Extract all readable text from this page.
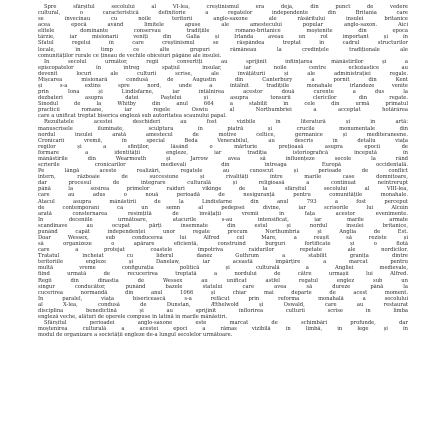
Spre sfârșitul secolului al VI-lea, creștinismul era deja, din punct de vedere
cultural, o caracteristică definitorie a regatelor independente din Britania care
se învecinau cu noile teritorii anglo-saxone ale răsăritului insulei britanice
acea epocă având limitele apuse ale amestecului popular anglo-saxon. Aici
elitele dominante conservau tradițiile romano-britanice moștenite din epoca
târzie, iar misionarii veniți din Galia și Irlanda aveau un rol important și în
Sfatul regelui în care creștinismul se răspândea treptat în cadrul structurilor
locale, în timp ce alte grupuri rămâneau la credințele tradiționale ale
comunităților rurale ce țineau de vechile obiceiuri păgâne ale insulei.
În secolul următor, regii convertiți au sprijinit înființarea mânăstirilor și a
episcopatelor în întreg spațiul insular, iar noile centre ecleziastice au
devenit locuri ale culturii scrise, ale învățăturii și ale administrației regale.
Mișcarea misionară condusă de Augustin din Canterbury a pornit din Kent
și s-a extins spre nord, unde a întâlnit tradițiile monahale irlandeze venite
prin Iona și Lindisfarne, iar întâlnirea acestor două curente a dus la
dezbateri asupra datei Paștelui și asupra tonsurii clericilor din regate.
Sinodul de la Whitby din anul 664 a stabilit în cele din urmă primatul
practicii romane, iar regele Oswiu al Northumbriei a acceptat hotărârea
care a unificat treptat biserica engleză sub autoritatea scaunului papal.
Rezultatele acestei deschideri au fost vizibile în literatură și în artă:
manuscrisele iluminate, sculptura în piatră și crucile monumentale din
nordul insulei arată amestecul de motive celtice, germanice și mediteraneene.
Cronicarii vremii, în special Beda Venerabilul, au descris în detaliu viața
regilor și a sfinților, lăsând o mărturie prețioasă asupra epocii de
formare a identității engleze, iar tradiția istoriografică începută în
mânăstirile din Wearmouth și Jarrow avea să influențeze secole la rând
scrierile cronicarilor medievali din întreaga Europă occidentală.
Pe lângă aceste realizări, regatele au cunoscut și perioade de conflict
intern, războaie de succesiune și rivalități între marile case domnitoare,
dar procesul de integrare culturală și religioasă a continuat neîntrerupt
până la sosirea primelor raiduri vikinge de la sfârșitul secolului al VIII-lea,
care au adus o nouă perioadă de nesiguranță pentru comunitățile monahale.
Atacul asupra mânăstirii de la Lindisfarne din anul 793 a fost perceput
de contemporani ca un semn al pedepsei divine, iar scrisorile lui Alcuin
arată consternarea resimțită de învățații vremii în fața acestor evenimente.
În deceniile următoare, atacurile s-au intensificat, iar marile armate
scandinave au ocupat părți însemnate din estul și nordul insulei britanice,
punând capăt independenței unor regate precum Northumbria și Anglia de Est.
Doar Wessex, sub conducerea lui Alfred cel Mare, a reușit să reziste și
să organizeze o apărare eficientă, construind burguri fortificate și o flotă
care a protejat coastele împotriva raidurilor repetate ale nordicilor.
Tratatul încheiat cu liderul danez Guthrum a stabilit granița dintre
teritoriile engleze și Danelaw, iar această împărțire a marcat pentru
multă vreme configurația politică și culturală a Angliei medievale,
fiind urmată de recucerirea treptată a nordului de către urmașii lui Alfred.
Regii din dinastia de Wessex au unificat astfel regatul englez sub un
singur conducător, punând bazele statului care avea să dureze până la
cucerirea normandă din anul 1066 și chiar mai departe de acest moment.
În paralel, viața bisericească s-a refăcut prin reforma monahală a secolului
al X-lea, condusă de Dunstan, Æthelwold și Oswald, care au restaurat
disciplina benedictină și au sprijinit înflorirea culturii scrise în limba
engleză veche, alături de operele compuse în latină în marile mânăstiri.
Sfârșitul perioadei anglo-saxone este marcat de schimbări profunde, dar
moștenirea culturală a acestei epoci a rămas vizibilă în limbă, în lege și în
modul de organizare a societății engleze de-a lungul secolelor următoare.
